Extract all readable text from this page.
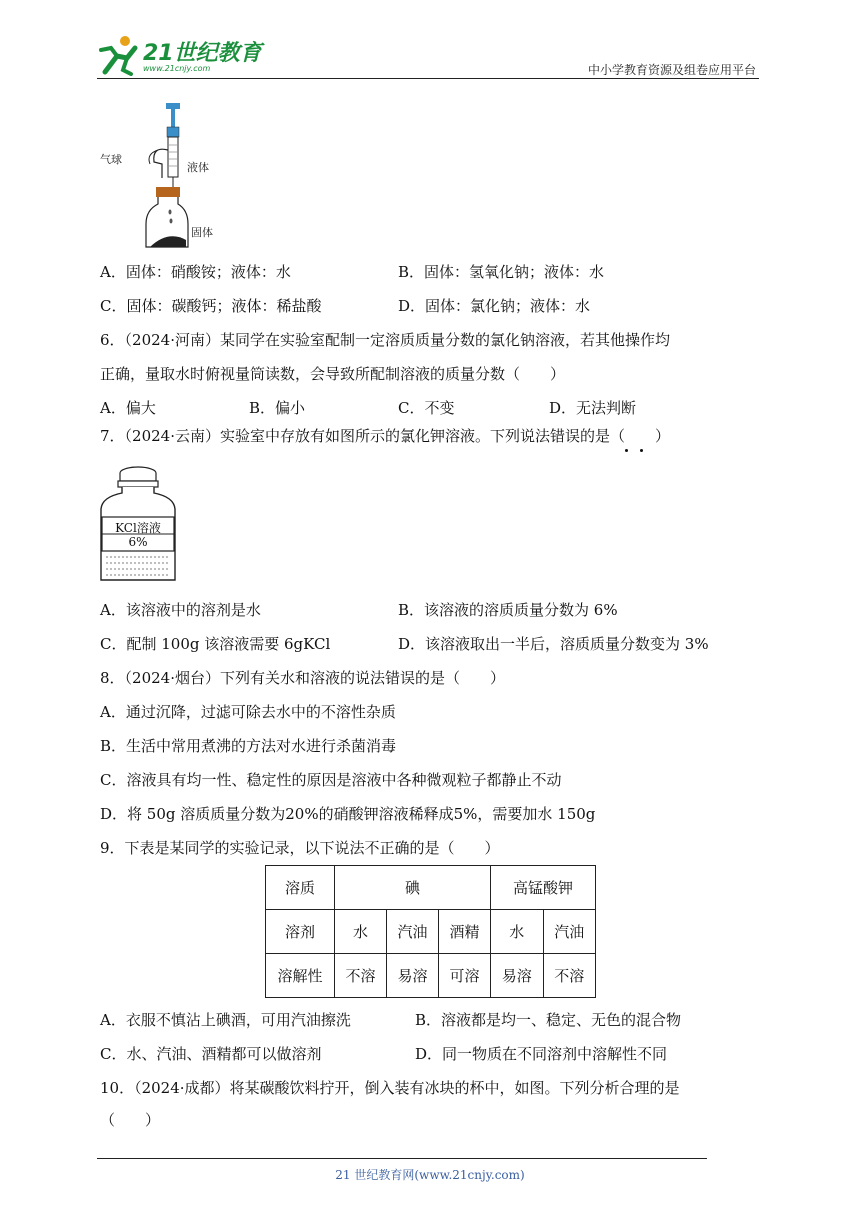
21世纪教育
www.21cnjy.com	中小学教育资源及组卷应用平台
气球
液体
固体
A．固体：硝酸铵；液体：水	B．固体：氢氧化钠；液体：水
C．固体：碳酸钙；液体：稀盐酸	D．固体：氯化钠；液体：水
6．（2024·河南）某同学在实验室配制一定溶质质量分数的氯化钠溶液，若其他操作均
正确，量取水时俯视量筒读数，会导致所配制溶液的质量分数（　　）
A．偏大	B．偏小	C．不变	D．无法判断
7．（2024·云南）实验室中存放有如图所示的氯化钾溶液。下列说法错误的是（　　）
KCl溶液
6%
A．该溶液中的溶剂是水	B．该溶液的溶质质量分数为 6%
C．配制 100g 该溶液需要 6gKCl	D．该溶液取出一半后，溶质质量分数变为 3%
8．（2024·烟台）下列有关水和溶液的说法错误的是（　　）
A．通过沉降，过滤可除去水中的不溶性杂质
B．生活中常用煮沸的方法对水进行杀菌消毒
C．溶液具有均一性、稳定性的原因是溶液中各种微观粒子都静止不动
D．将 50g 溶质质量分数为20%的硝酸钾溶液稀释成5%，需要加水 150g
9．下表是某同学的实验记录，以下说法不正确的是（　　）
溶质	碘			高锰酸钾	
溶剂	水	汽油	酒精	水	汽油
溶解性	不溶	易溶	可溶	易溶	不溶
A．衣服不慎沾上碘酒，可用汽油擦洗	B．溶液都是均一、稳定、无色的混合物
C．水、汽油、酒精都可以做溶剂	D．同一物质在不同溶剂中溶解性不同
10．（2024·成都）将某碳酸饮料拧开，倒入装有冰块的杯中，如图。下列分析合理的是
（　　）
21 世纪教育网(www.21cnjy.com)
